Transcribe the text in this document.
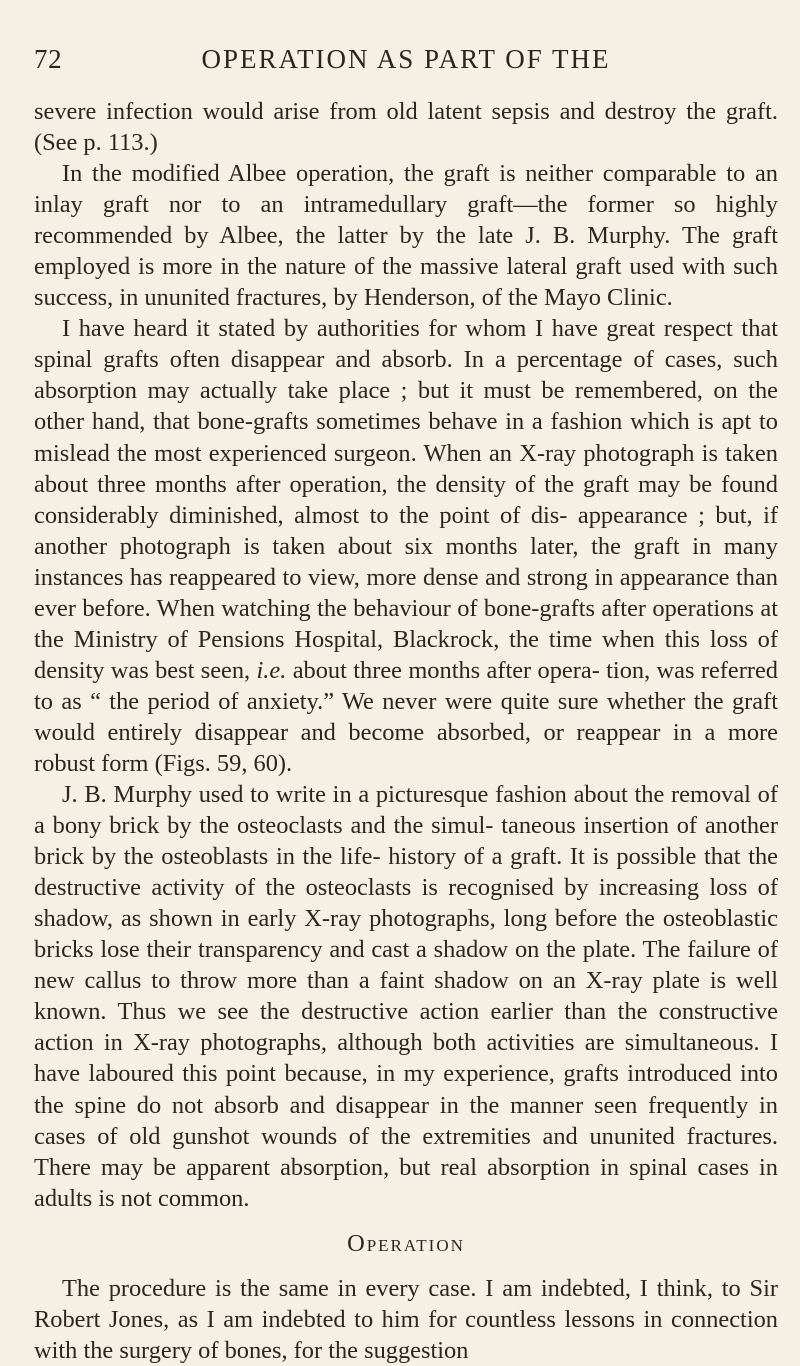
72	OPERATION AS PART OF THE

severe infection would arise from old latent sepsis and destroy the graft. (See p. 113.)

In the modified Albee operation, the graft is neither comparable to an inlay graft nor to an intramedullary graft—the former so highly recommended by Albee, the latter by the late J. B. Murphy. The graft employed is more in the nature of the massive lateral graft used with such success, in ununited fractures, by Henderson, of the Mayo Clinic.

I have heard it stated by authorities for whom I have great respect that spinal grafts often disappear and absorb. In a percentage of cases, such absorption may actually take place ; but it must be remembered, on the other hand, that bone-grafts sometimes behave in a fashion which is apt to mislead the most experienced surgeon. When an X-ray photograph is taken about three months after operation, the density of the graft may be found considerably diminished, almost to the point of dis- appearance ; but, if another photograph is taken about six months later, the graft in many instances has reappeared to view, more dense and strong in appearance than ever before. When watching the behaviour of bone-grafts after operations at the Ministry of Pensions Hospital, Blackrock, the time when this loss of density was best seen, i.e. about three months after opera- tion, was referred to as “ the period of anxiety.” We never were quite sure whether the graft would entirely disappear and become absorbed, or reappear in a more robust form (Figs. 59, 60).

J. B. Murphy used to write in a picturesque fashion about the removal of a bony brick by the osteoclasts and the simul- taneous insertion of another brick by the osteoblasts in the life- history of a graft. It is possible that the destructive activity of the osteoclasts is recognised by increasing loss of shadow, as shown in early X-ray photographs, long before the osteoblastic bricks lose their transparency and cast a shadow on the plate. The failure of new callus to throw more than a faint shadow on an X-ray plate is well known. Thus we see the destructive action earlier than the constructive action in X-ray photographs, although both activities are simultaneous. I have laboured this point because, in my experience, grafts introduced into the spine do not absorb and disappear in the manner seen frequently in cases of old gunshot wounds of the extremities and ununited fractures. There may be apparent absorption, but real absorption in spinal cases in adults is not common.

Operation

The procedure is the same in every case. I am indebted, I think, to Sir Robert Jones, as I am indebted to him for countless lessons in connection with the surgery of bones, for the suggestion
